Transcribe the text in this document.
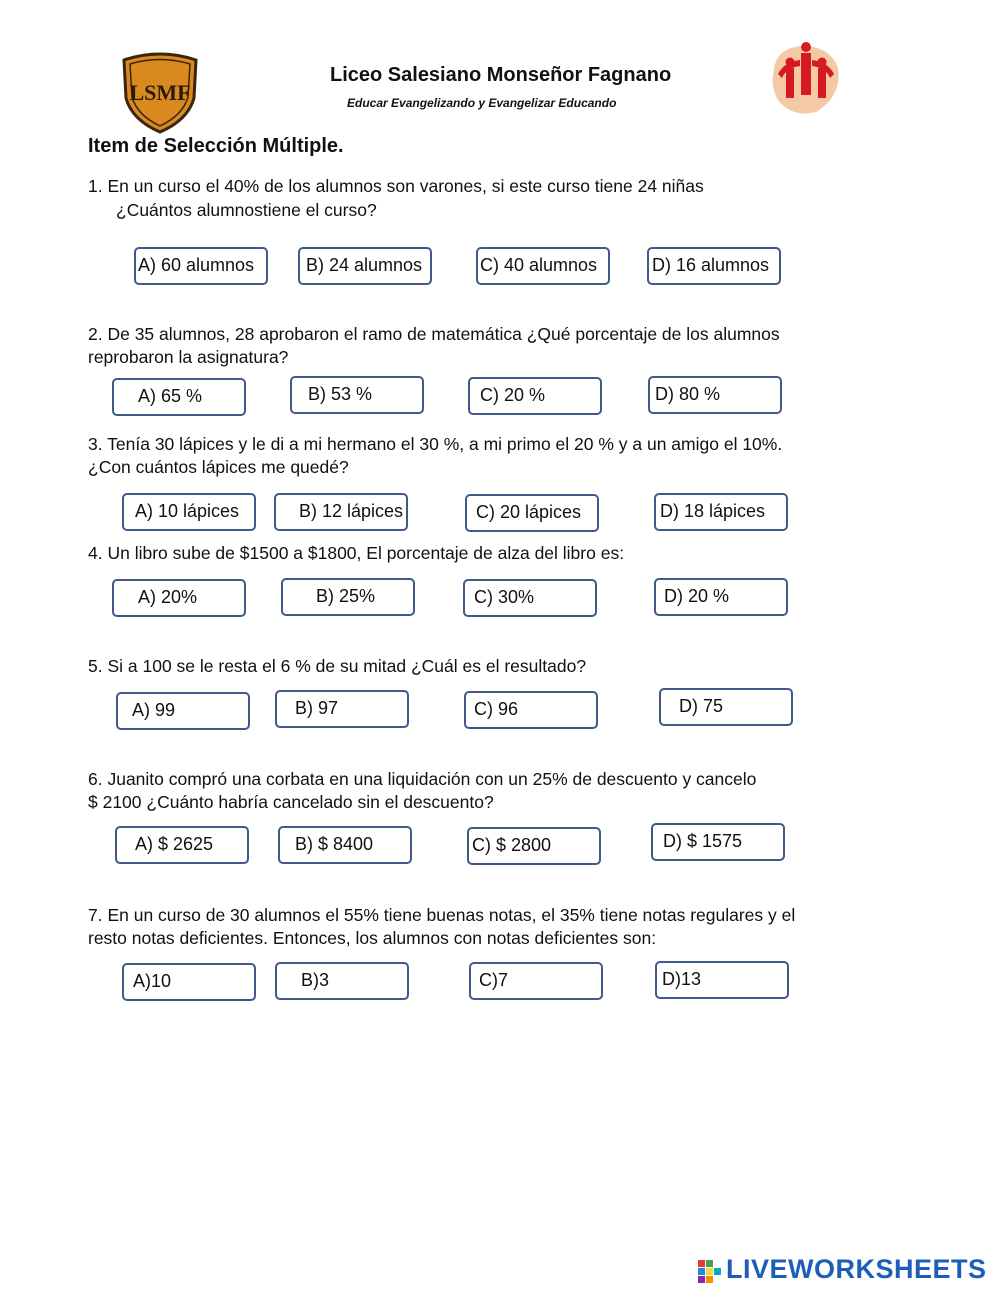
LSMF
Liceo Salesiano Monseñor Fagnano
Educar Evangelizando y Evangelizar Educando
Item de Selección Múltiple.
1. En un curso el 40% de los alumnos son varones, si este curso tiene 24 niñas
¿Cuántos alumnostiene el curso?
A) 60 alumnos	B) 24 alumnos	C) 40 alumnos	D) 16 alumnos
2. De 35 alumnos, 28 aprobaron el ramo de matemática ¿Qué porcentaje de los alumnos
reprobaron la asignatura?
A) 65 %	B) 53 %	C) 20 %	D) 80 %
3. Tenía 30 lápices y le di a mi hermano el 30 %, a mi primo el 20 % y a un amigo el 10%.
¿Con cuántos lápices me quedé?
A) 10 lápices	B) 12 lápices	C) 20 lápices	D) 18 lápices
4. Un libro sube de $1500 a $1800, El porcentaje de alza del libro es:
A) 20%	B) 25%	C) 30%	D) 20 %
5. Si a 100 se le resta el 6 % de su mitad ¿Cuál es el resultado?
A) 99	B) 97	C) 96	D) 75
6. Juanito compró una corbata en una liquidación con un 25% de descuento y cancelo
$ 2100 ¿Cuánto habría cancelado sin el descuento?
A) $ 2625	B) $ 8400	C) $ 2800	D) $ 1575
7. En un curso de 30 alumnos el 55% tiene buenas notas, el 35% tiene notas regulares y el
resto notas deficientes. Entonces, los alumnos con notas deficientes son:
A)10	B)3	C)7	D)13
LIVEWORKSHEETS
